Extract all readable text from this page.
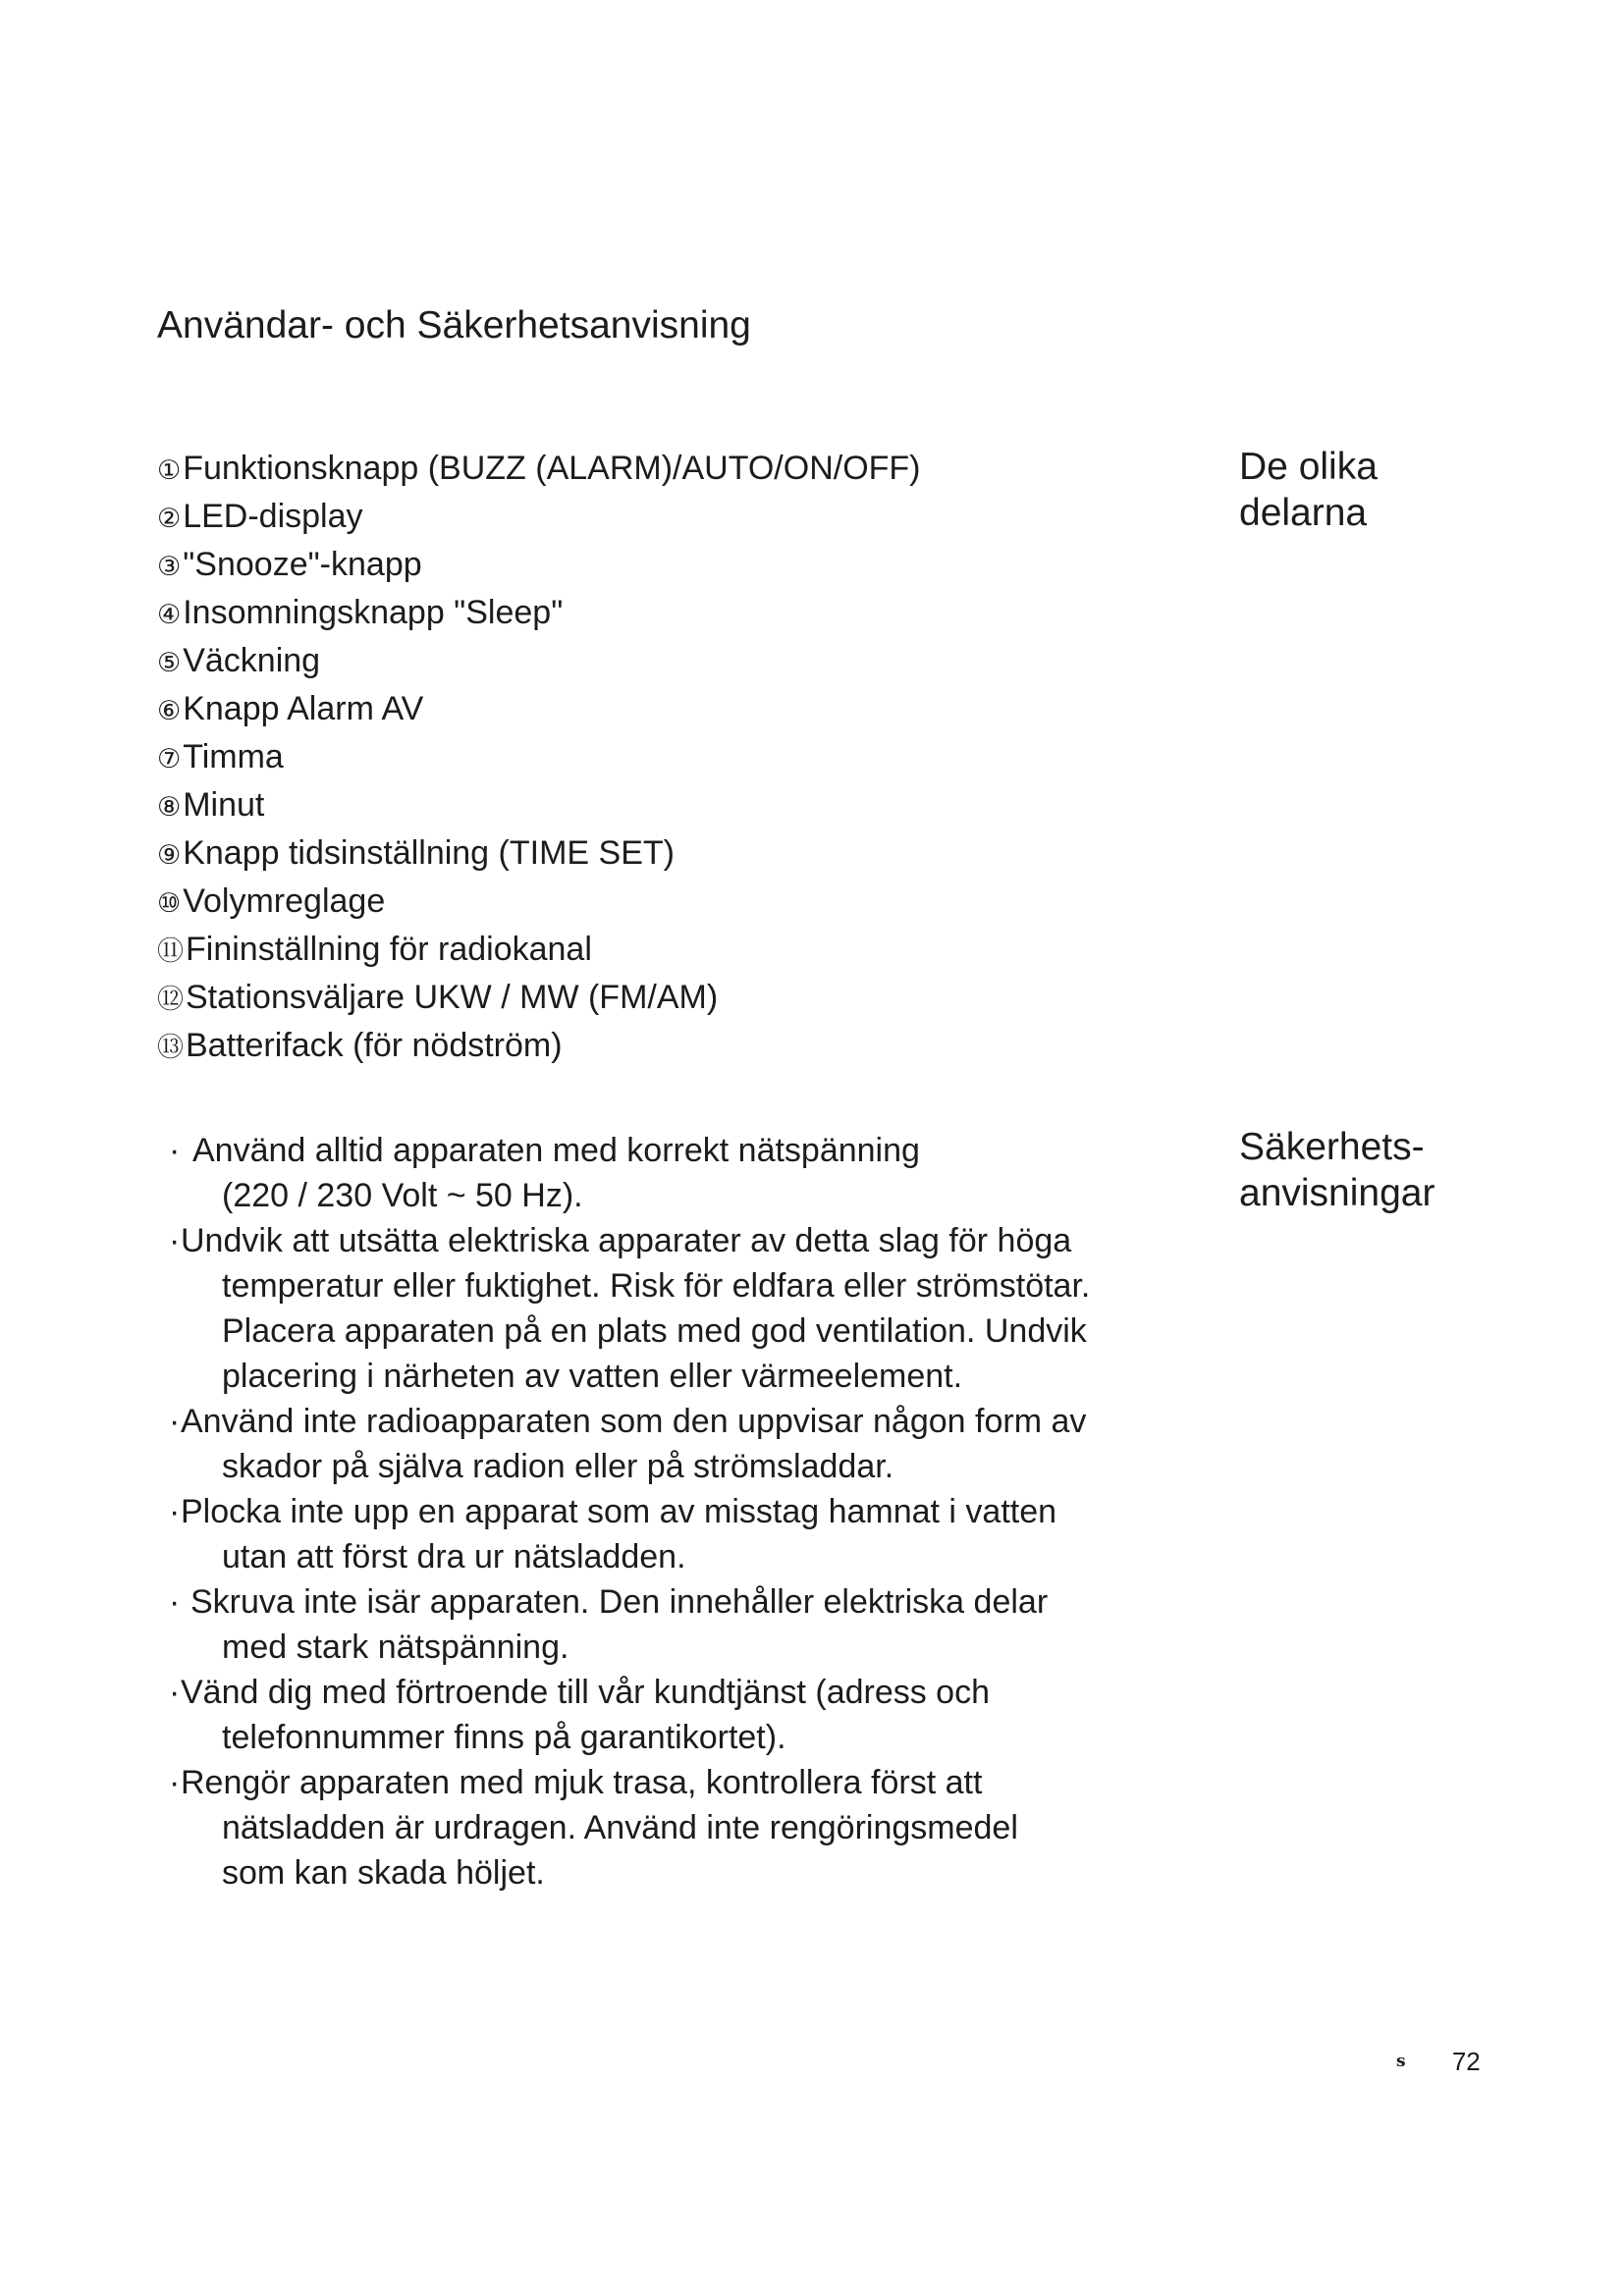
Användar- och Säkerhetsanvisning
①Funktionsknapp (BUZZ (ALARM)/AUTO/ON/OFF)
②LED-display
③"Snooze"-knapp
④Insomningsknapp "Sleep"
⑤Väckning
⑥Knapp Alarm AV
⑦Timma
⑧Minut
⑨Knapp tidsinställning (TIME SET)
⑩Volymreglage
⑪Fininställning för radiokanal
⑫Stationsväljare UKW / MW (FM/AM)
⑬Batterifack (för nödström)
De olika
delarna
· Använd alltid apparaten med korrekt nätspänning
(220 / 230 Volt ~ 50 Hz).
· Undvik att utsätta elektriska apparater av detta slag för höga
temperatur eller fuktighet. Risk för eldfara eller strömstötar.
Placera apparaten på en plats med god ventilation. Undvik
placering i närheten av vatten eller värmeelement.
· Använd inte radioapparaten som den uppvisar någon form av
skador på själva radion eller på strömsladdar.
· Plocka inte upp en apparat som av misstag hamnat i vatten
utan att först dra ur nätsladden.
· Skruva inte isär apparaten. Den innehåller elektriska delar
med stark nätspänning.
· Vänd dig med förtroende till vår kundtjänst (adress och
telefonnummer finns på garantikortet).
· Rengör apparaten med mjuk trasa, kontrollera först att
nätsladden är urdragen. Använd inte rengöringsmedel
som kan skada höljet.
Säkerhets-
anvisningar
s 72
